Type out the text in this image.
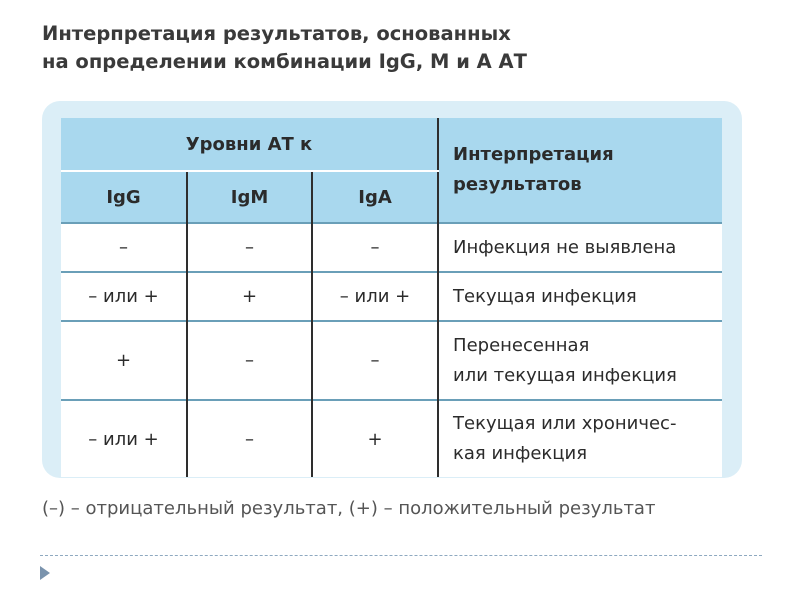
Интерпретация результатов, основанных
на определении комбинации IgG, M и A АТ
Уровни АТ к			Интерпретация
результатов

IgG	IgM	IgA	
–	–	–	Инфекция не выявлена

– или +	+	– или +	Текущая инфекция

+	–	–	Перенесенная
или текущая инфекция

– или +	–	+	Текущая или хроничес-
кая инфекция

(–) – отрицательный результат, (+) – положительный результат
